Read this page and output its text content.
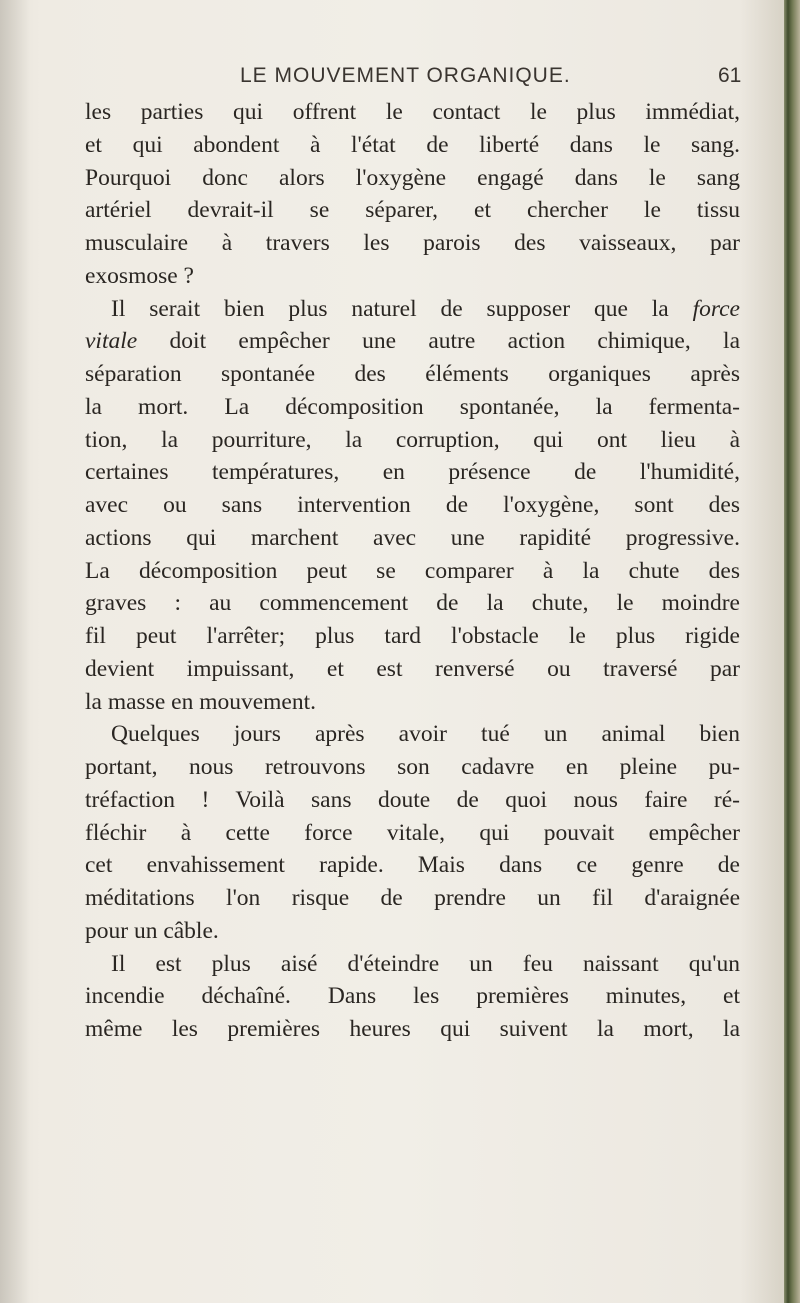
LE MOUVEMENT ORGANIQUE.	61
les parties qui offrent le contact le plus immédiat,
et qui abondent à l'état de liberté dans le sang.
Pourquoi donc alors l'oxygène engagé dans le sang
artériel devrait-il se séparer, et chercher le tissu
musculaire à travers les parois des vaisseaux, par
exosmose ?
Il serait bien plus naturel de supposer que la force
vitale doit empêcher une autre action chimique, la
séparation spontanée des éléments organiques après
la mort. La décomposition spontanée, la fermenta-
tion, la pourriture, la corruption, qui ont lieu à
certaines températures, en présence de l'humidité,
avec ou sans intervention de l'oxygène, sont des
actions qui marchent avec une rapidité progressive.
La décomposition peut se comparer à la chute des
graves : au commencement de la chute, le moindre
fil peut l'arrêter; plus tard l'obstacle le plus rigide
devient impuissant, et est renversé ou traversé par
la masse en mouvement.
Quelques jours après avoir tué un animal bien
portant, nous retrouvons son cadavre en pleine pu-
tréfaction ! Voilà sans doute de quoi nous faire ré-
fléchir à cette force vitale, qui pouvait empêcher
cet envahissement rapide. Mais dans ce genre de
méditations l'on risque de prendre un fil d'araignée
pour un câble.
Il est plus aisé d'éteindre un feu naissant qu'un
incendie déchaîné. Dans les premières minutes, et
même les premières heures qui suivent la mort, la
